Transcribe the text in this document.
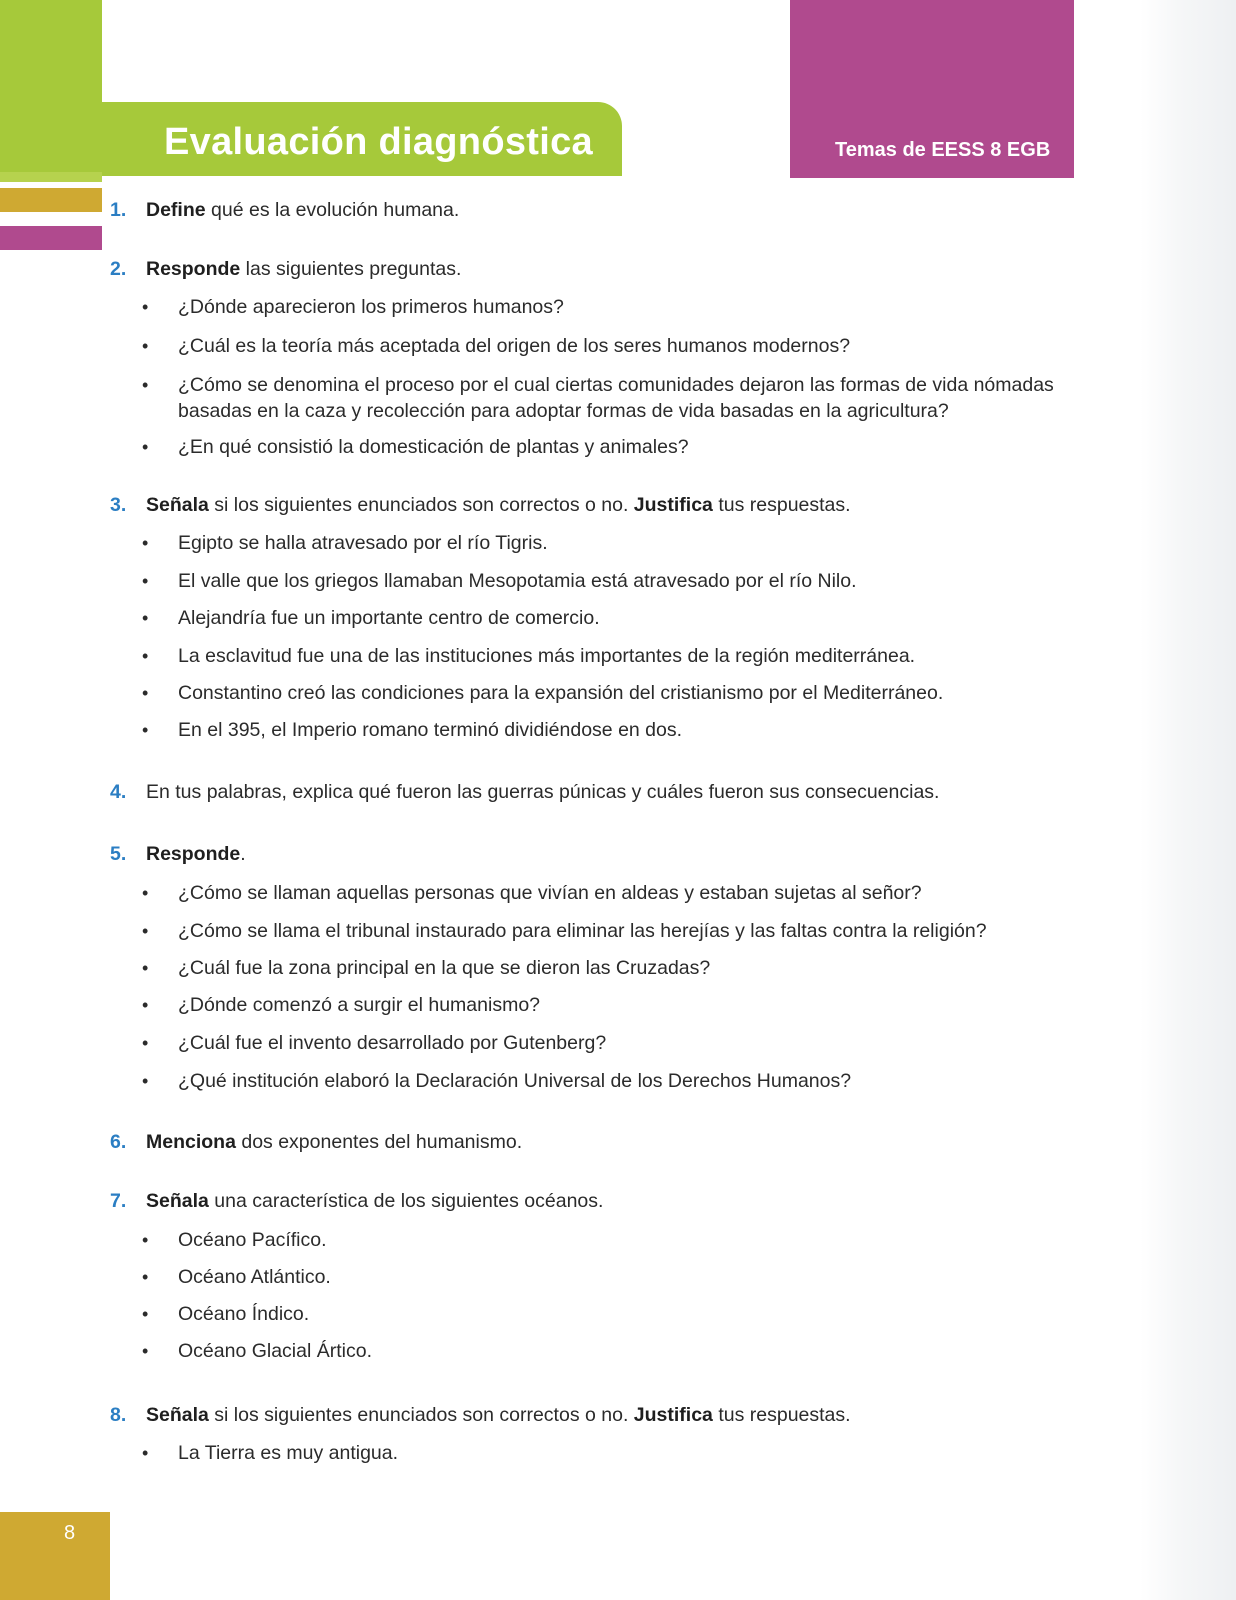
Evaluación diagnóstica	Temas de EESS 8 EGB
1. Define qué es la evolución humana.
2. Responde las siguientes preguntas.
•	¿Dónde aparecieron los primeros humanos?
•	¿Cuál es la teoría más aceptada del origen de los seres humanos modernos?
•	¿Cómo se denomina el proceso por el cual ciertas comunidades dejaron las formas de vida nómadas basadas en la caza y recolección para adoptar formas de vida basadas en la agricultura?
•	¿En qué consistió la domesticación de plantas y animales?
3. Señala si los siguientes enunciados son correctos o no. Justifica tus respuestas.
•	Egipto se halla atravesado por el río Tigris.
•	El valle que los griegos llamaban Mesopotamia está atravesado por el río Nilo.
•	Alejandría fue un importante centro de comercio.
•	La esclavitud fue una de las instituciones más importantes de la región mediterránea.
•	Constantino creó las condiciones para la expansión del cristianismo por el Mediterráneo.
•	En el 395, el Imperio romano terminó dividiéndose en dos.
4. En tus palabras, explica qué fueron las guerras púnicas y cuáles fueron sus consecuencias.
5. Responde.
•	¿Cómo se llaman aquellas personas que vivían en aldeas y estaban sujetas al señor?
•	¿Cómo se llama el tribunal instaurado para eliminar las herejías y las faltas contra la religión?
•	¿Cuál fue la zona principal en la que se dieron las Cruzadas?
•	¿Dónde comenzó a surgir el humanismo?
•	¿Cuál fue el invento desarrollado por Gutenberg?
•	¿Qué institución elaboró la Declaración Universal de los Derechos Humanos?
6. Menciona dos exponentes del humanismo.
7. Señala una característica de los siguientes océanos.
•	Océano Pacífico.
•	Océano Atlántico.
•	Océano Índico.
•	Océano Glacial Ártico.
8. Señala si los siguientes enunciados son correctos o no. Justifica tus respuestas.
•	La Tierra es muy antigua.
8
